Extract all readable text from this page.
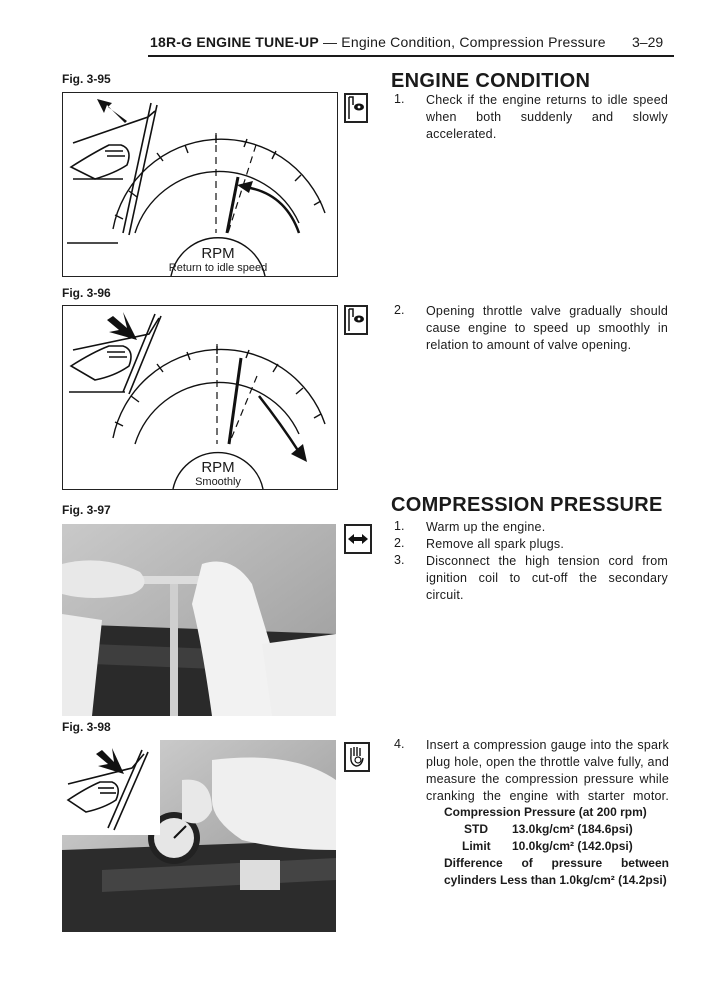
18R-G ENGINE TUNE-UP — Engine Condition, Compression Pressure 3–29
Fig. 3-95
RPM
Return to idle speed
Fig. 3-96
RPM
Smoothly
Fig. 3-97
Fig. 3-98
ENGINE CONDITION
1.	Check if the engine returns to idle speed
when both suddenly and slowly
accelerated.
2.	Opening throttle valve gradually should
cause engine to speed up smoothly in
relation to amount of valve opening.
COMPRESSION PRESSURE
1.	Warm up the engine.
2.	Remove all spark plugs.
3.	Disconnect the high tension cord from
ignition coil to cut-off the secondary
circuit.
4.	Insert a compression gauge into the spark
plug hole, open the throttle valve fully, and
measure the compression pressure while
cranking the engine with starter motor.
Compression Pressure (at 200 rpm)
STD 13.0kg/cm² (184.6psi)
Limit 10.0kg/cm² (142.0psi)
Difference of pressure between
cylinders Less than 1.0kg/cm² (14.2psi)
